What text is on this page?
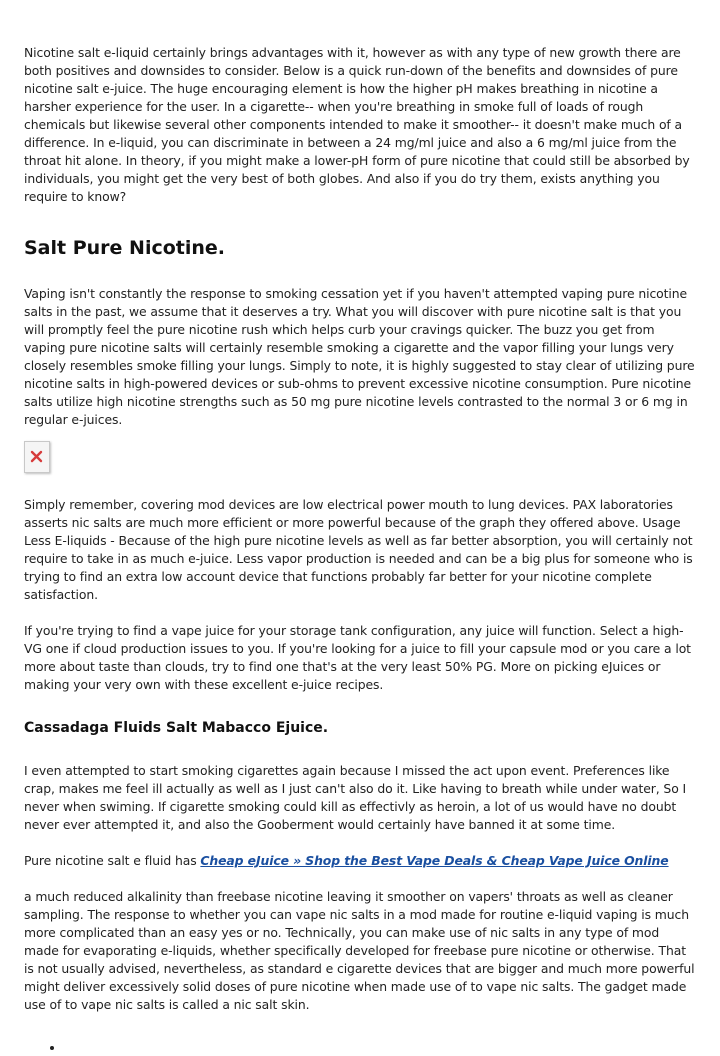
Nicotine salt e-liquid certainly brings advantages with it, however as with any type of new growth there are both positives and downsides to consider. Below is a quick run-down of the benefits and downsides of pure nicotine salt e-juice. The huge encouraging element is how the higher pH makes breathing in nicotine a harsher experience for the user. In a cigarette-- when you're breathing in smoke full of loads of rough chemicals but likewise several other components intended to make it smoother-- it doesn't make much of a difference. In e-liquid, you can discriminate in between a 24 mg/ml juice and also a 6 mg/ml juice from the throat hit alone. In theory, if you might make a lower-pH form of pure nicotine that could still be absorbed by individuals, you might get the very best of both globes. And also if you do try them, exists anything you require to know?

Salt Pure Nicotine.

Vaping isn't constantly the response to smoking cessation yet if you haven't attempted vaping pure nicotine salts in the past, we assume that it deserves a try. What you will discover with pure nicotine salt is that you will promptly feel the pure nicotine rush which helps curb your cravings quicker. The buzz you get from vaping pure nicotine salts will certainly resemble smoking a cigarette and the vapor filling your lungs very closely resembles smoke filling your lungs. Simply to note, it is highly suggested to stay clear of utilizing pure nicotine salts in high-powered devices or sub-ohms to prevent excessive nicotine consumption. Pure nicotine salts utilize high nicotine strengths such as 50 mg pure nicotine levels contrasted to the normal 3 or 6 mg in regular e-juices.

Simply remember, covering mod devices are low electrical power mouth to lung devices. PAX laboratories asserts nic salts are much more efficient or more powerful because of the graph they offered above. Usage Less E-liquids - Because of the high pure nicotine levels as well as far better absorption, you will certainly not require to take in as much e-juice. Less vapor production is needed and can be a big plus for someone who is trying to find an extra low account device that functions probably far better for your nicotine complete satisfaction.

If you're trying to find a vape juice for your storage tank configuration, any juice will function. Select a high-VG one if cloud production issues to you. If you're looking for a juice to fill your capsule mod or you care a lot more about taste than clouds, try to find one that's at the very least 50% PG. More on picking eJuices or making your very own with these excellent e-juice recipes.

Cassadaga Fluids Salt Mabacco Ejuice.

I even attempted to start smoking cigarettes again because I missed the act upon event. Preferences like crap, makes me feel ill actually as well as I just can't also do it. Like having to breath while under water, So I never when swiming. If cigarette smoking could kill as effectivly as heroin, a lot of us would have no doubt never ever attempted it, and also the Gooberment would certainly have banned it at some time.

Pure nicotine salt e fluid has Cheap eJuice » Shop the Best Vape Deals & Cheap Vape Juice Online

a much reduced alkalinity than freebase nicotine leaving it smoother on vapers' throats as well as cleaner sampling. The response to whether you can vape nic salts in a mod made for routine e-liquid vaping is much more complicated than an easy yes or no. Technically, you can make use of nic salts in any type of mod made for evaporating e-liquids, whether specifically developed for freebase pure nicotine or otherwise. That is not usually advised, nevertheless, as standard e cigarette devices that are bigger and much more powerful might deliver excessively solid doses of pure nicotine when made use of to vape nic salts. The gadget made use of to vape nic salts is called a nic salt skin.

•
